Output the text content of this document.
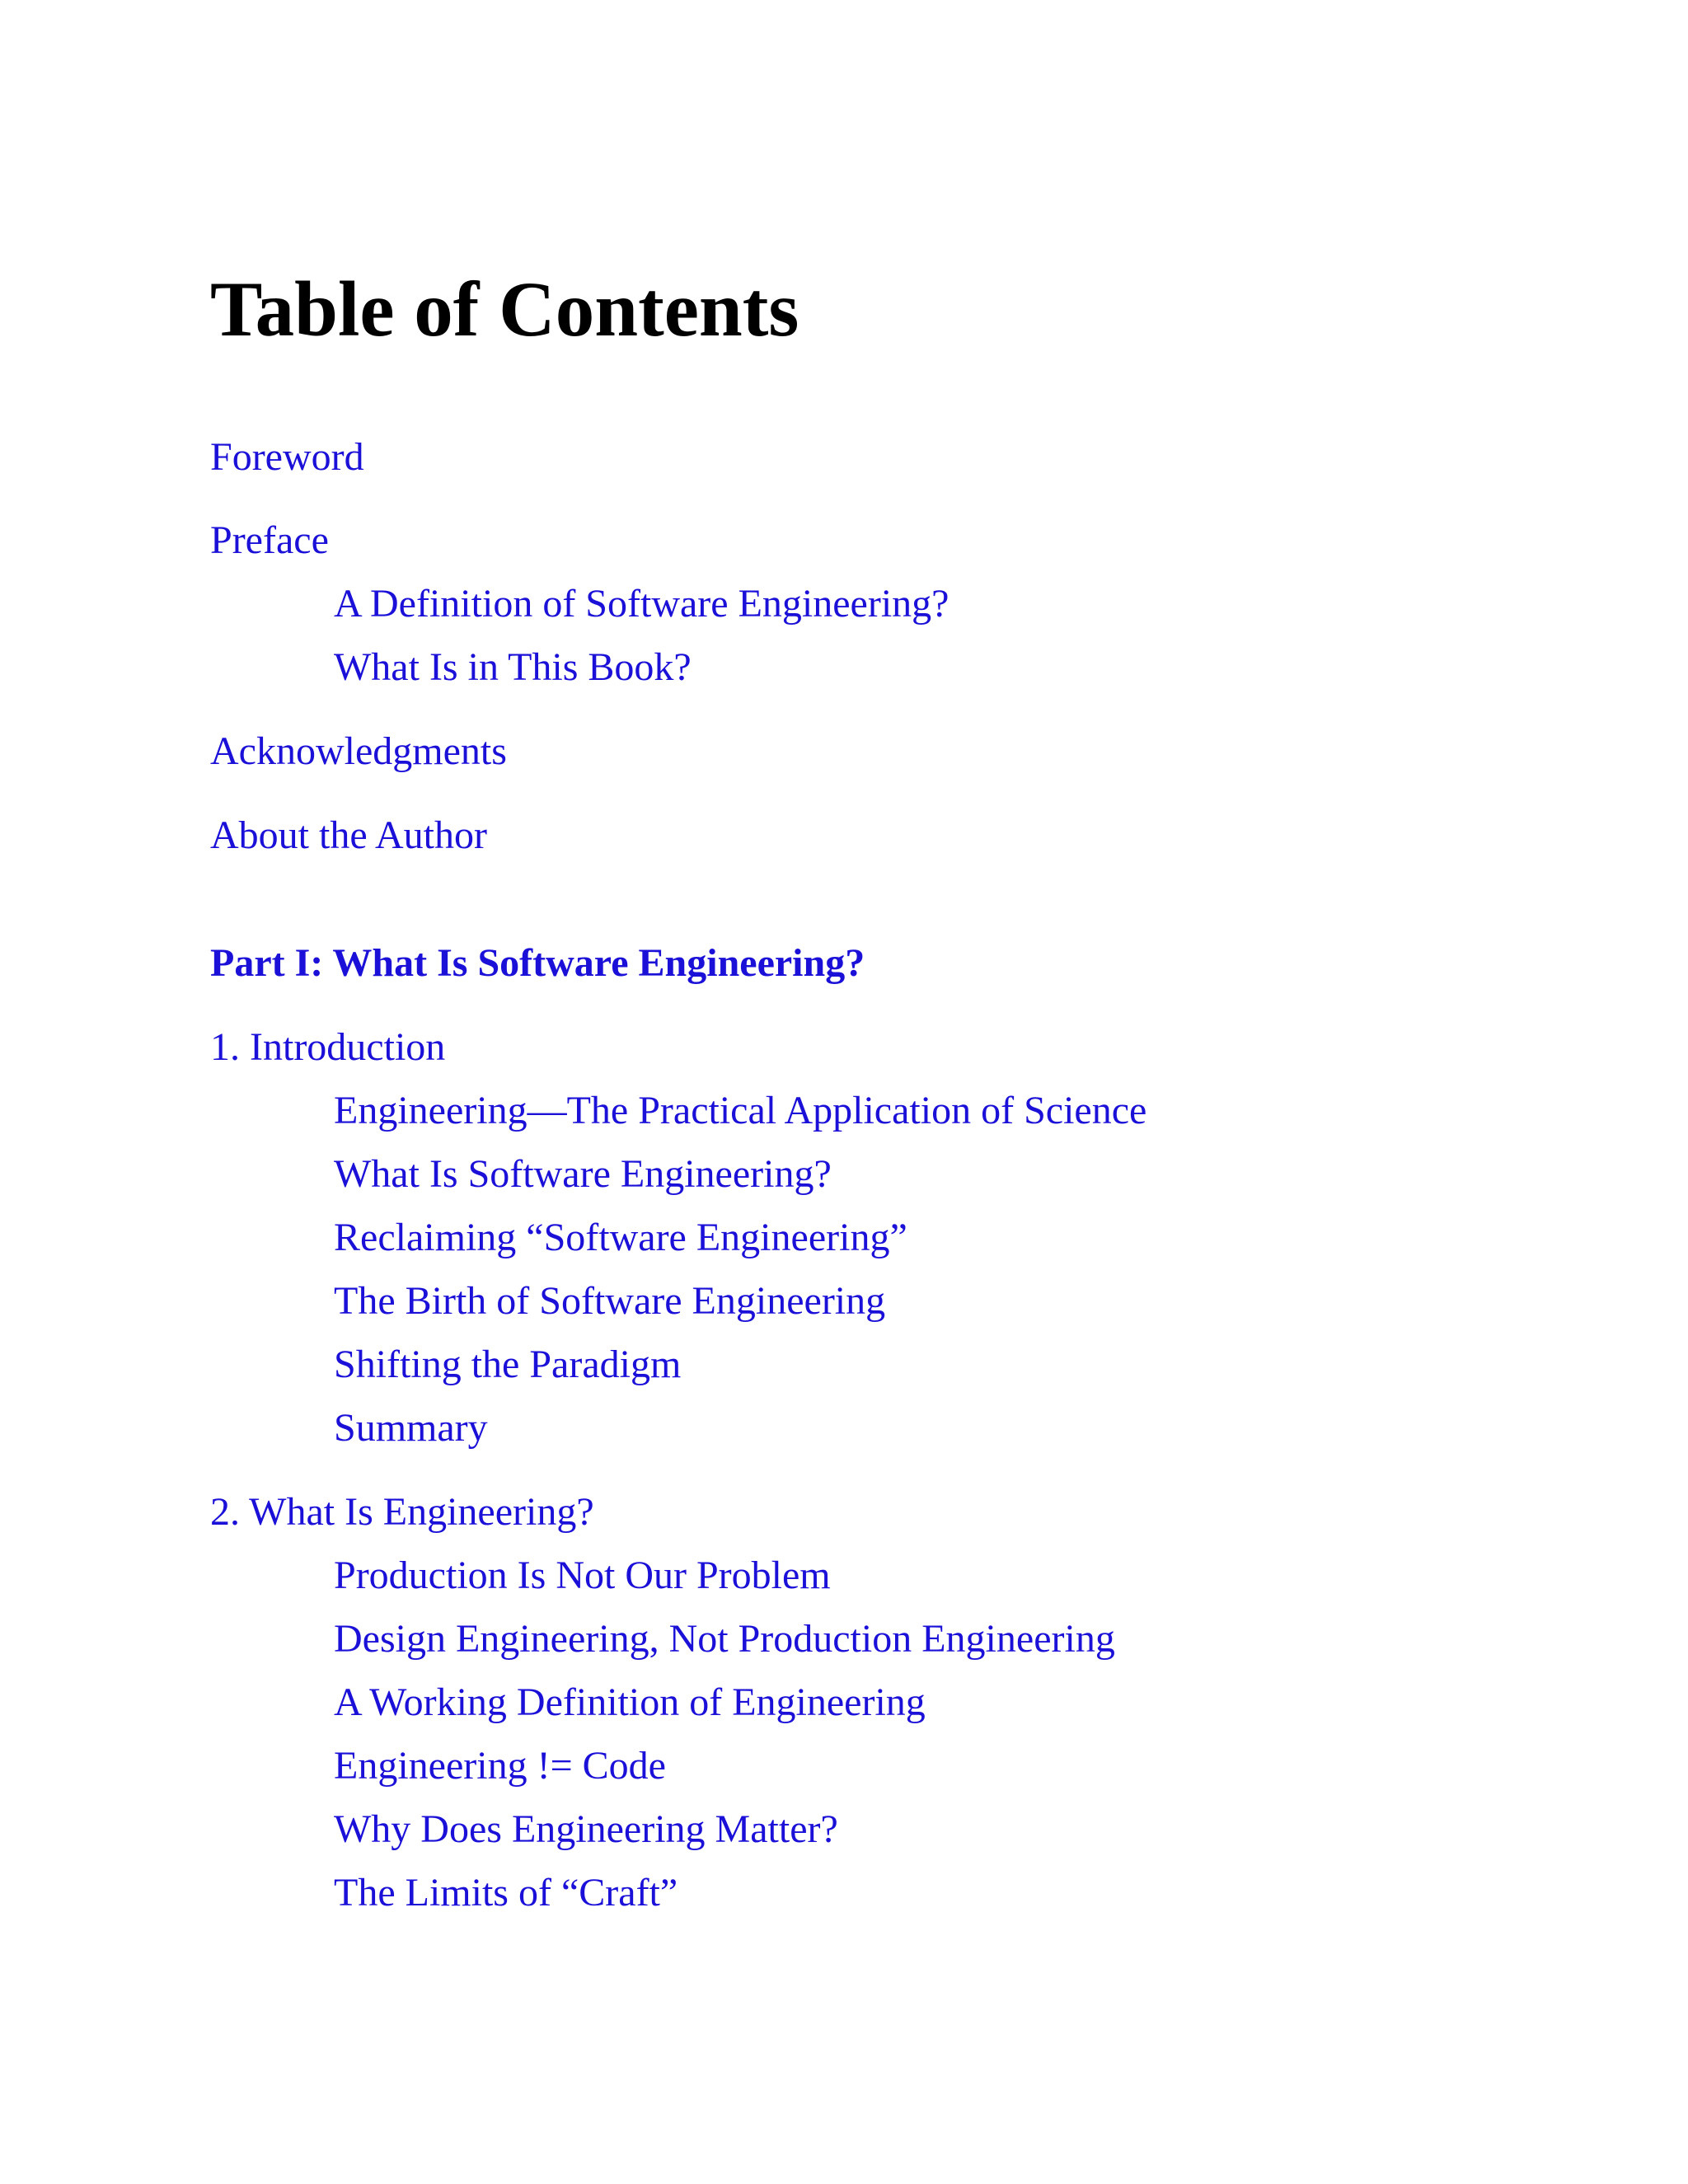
Table of Contents
Foreword
Preface
A Definition of Software Engineering?
What Is in This Book?
Acknowledgments
About the Author
Part I: What Is Software Engineering?
1. Introduction
Engineering—The Practical Application of Science
What Is Software Engineering?
Reclaiming “Software Engineering”
The Birth of Software Engineering
Shifting the Paradigm
Summary
2. What Is Engineering?
Production Is Not Our Problem
Design Engineering, Not Production Engineering
A Working Definition of Engineering
Engineering != Code
Why Does Engineering Matter?
The Limits of “Craft”
